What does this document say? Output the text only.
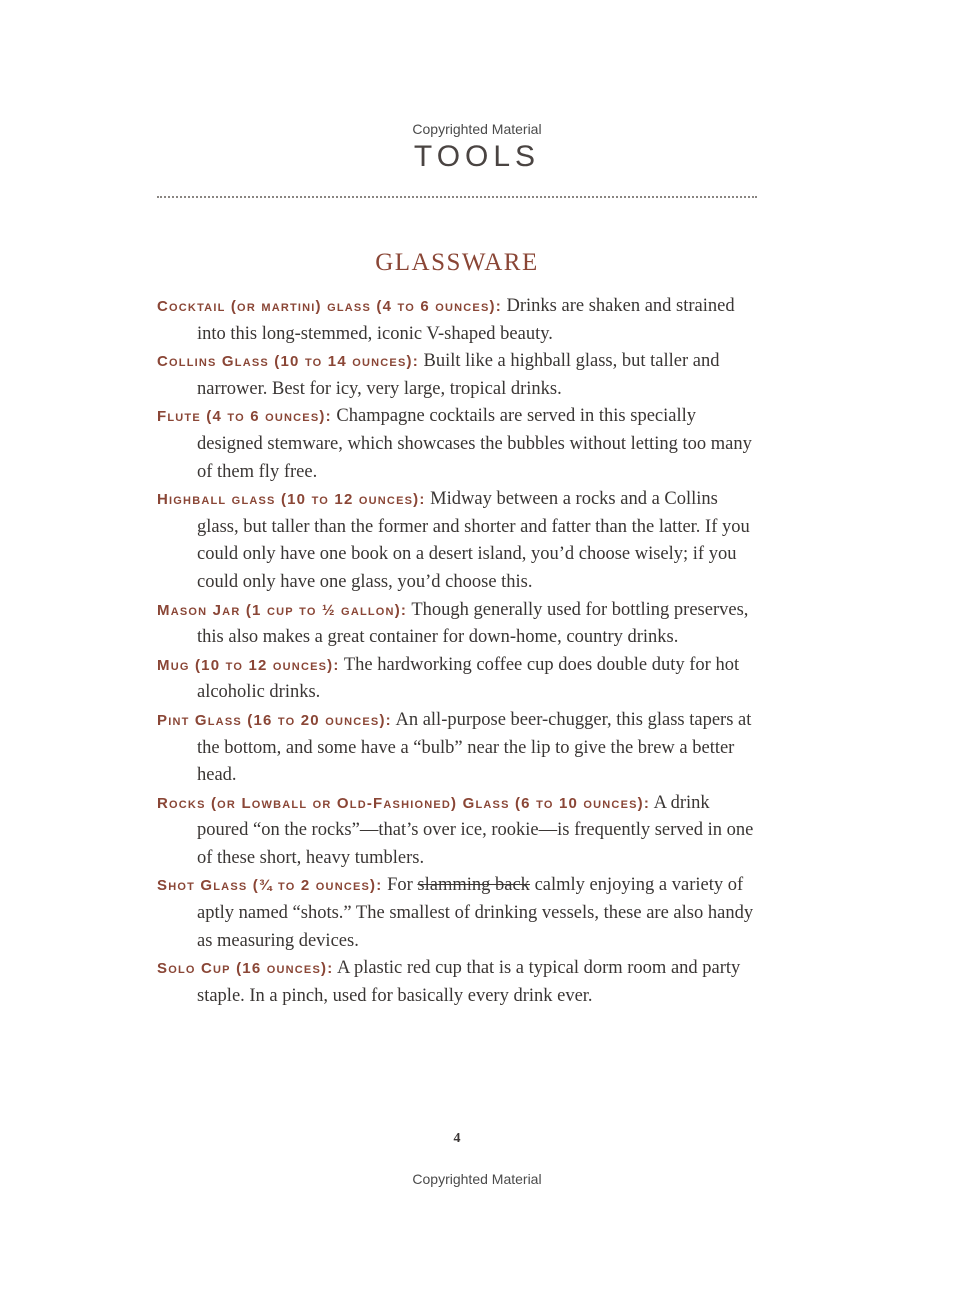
Copyrighted Material
TOOLS
GLASSWARE

Cocktail (or martini) glass (4 to 6 ounces): Drinks are shaken and strained into this long-stemmed, iconic V-shaped beauty.

Collins Glass (10 to 14 ounces): Built like a highball glass, but taller and narrower. Best for icy, very large, tropical drinks.

Flute (4 to 6 ounces): Champagne cocktails are served in this specially designed stemware, which showcases the bubbles without letting too many of them fly free.

Highball glass (10 to 12 ounces): Midway between a rocks and a Collins glass, but taller than the former and shorter and fatter than the latter. If you could only have one book on a desert island, you’d choose wisely; if you could only have one glass, you’d choose this.

Mason Jar (1 cup to ½ gallon): Though generally used for bottling preserves, this also makes a great container for down-home, country drinks.

Mug (10 to 12 ounces): The hardworking coffee cup does double duty for hot alcoholic drinks.

Pint Glass (16 to 20 ounces): An all-purpose beer-chugger, this glass tapers at the bottom, and some have a “bulb” near the lip to give the brew a better head.

Rocks (or Lowball or Old-Fashioned) Glass (6 to 10 ounces): A drink poured “on the rocks”—that’s over ice, rookie—is frequently served in one of these short, heavy tumblers.

Shot Glass (¾ to 2 ounces): For slamming back calmly enjoying a variety of aptly named “shots.” The smallest of drinking vessels, these are also handy as measuring devices.

Solo Cup (16 ounces): A plastic red cup that is a typical dorm room and party staple. In a pinch, used for basically every drink ever.

4
Copyrighted Material
